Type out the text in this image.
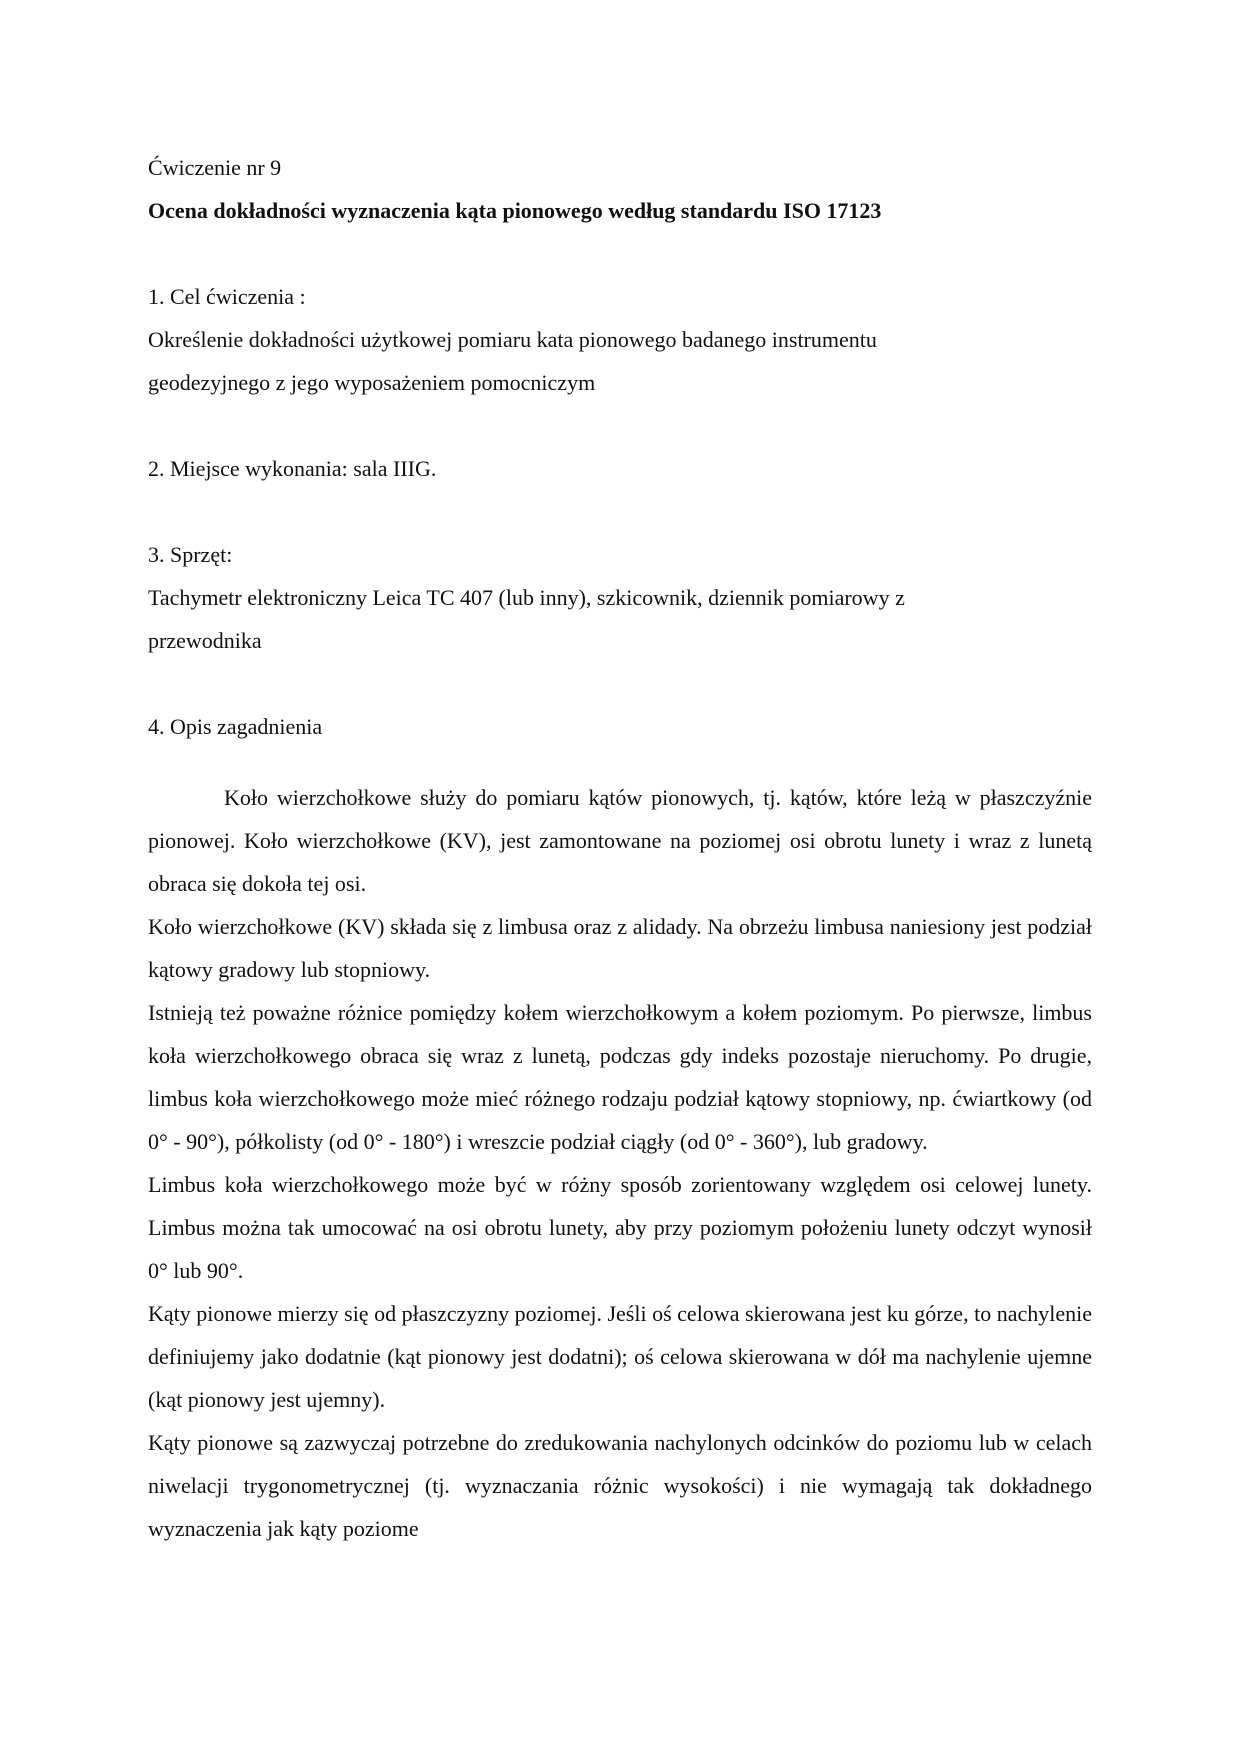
Ćwiczenie nr 9
Ocena dokładności wyznaczenia kąta pionowego według standardu ISO 17123
1. Cel ćwiczenia :
Określenie dokładności użytkowej pomiaru kata pionowego badanego instrumentu
geodezyjnego z jego wyposażeniem pomocniczym
2. Miejsce wykonania: sala IIIG.
3. Sprzęt:
Tachymetr elektroniczny Leica TC 407 (lub inny), szkicownik, dziennik pomiarowy z
przewodnika
4. Opis zagadnienia

Koło wierzchołkowe służy do pomiaru kątów pionowych, tj. kątów, które leżą w płaszczyźnie pionowej. Koło wierzchołkowe (KV), jest zamontowane na poziomej osi obrotu lunety i wraz z lunetą obraca się dokoła tej osi.

Koło wierzchołkowe (KV) składa się z limbusa oraz z alidady. Na obrzeżu limbusa naniesiony jest podział kątowy gradowy lub stopniowy.

Istnieją też poważne różnice pomiędzy kołem wierzchołkowym a kołem poziomym. Po pierwsze, limbus koła wierzchołkowego obraca się wraz z lunetą, podczas gdy indeks pozostaje nieruchomy. Po drugie, limbus koła wierzchołkowego może mieć różnego rodzaju podział kątowy stopniowy, np. ćwiartkowy (od 0° - 90°), półkolisty (od 0° - 180°) i wreszcie podział ciągły (od 0° - 360°), lub gradowy.

Limbus koła wierzchołkowego może być w różny sposób zorientowany względem osi celowej lunety. Limbus można tak umocować na osi obrotu lunety, aby przy poziomym położeniu lunety odczyt wynosił 0° lub 90°.

Kąty pionowe mierzy się od płaszczyzny poziomej. Jeśli oś celowa skierowana jest ku górze, to nachylenie definiujemy jako dodatnie (kąt pionowy jest dodatni); oś celowa skierowana w dół ma nachylenie ujemne (kąt pionowy jest ujemny).

Kąty pionowe są zazwyczaj potrzebne do zredukowania nachylonych odcinków do poziomu lub w celach niwelacji trygonometrycznej (tj. wyznaczania różnic wysokości) i nie wymagają tak dokładnego wyznaczenia jak kąty poziome
